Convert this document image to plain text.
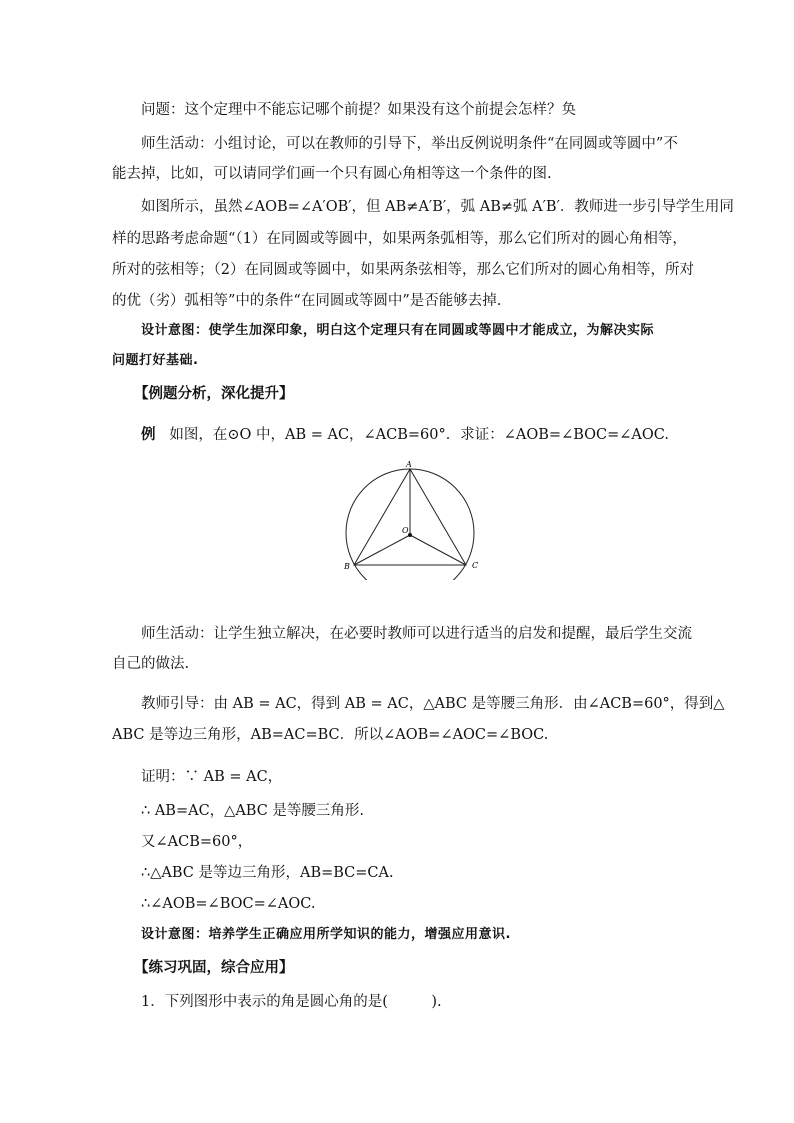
问题：这个定理中不能忘记哪个前提？如果没有这个前提会怎样？奂
师生活动：小组讨论，可以在教师的引导下，举出反例说明条件“在同圆或等圆中”不
能去掉，比如，可以请同学们画一个只有圆心角相等这一个条件的图.
如图所示，虽然∠AOB=∠A′OB′，但 AB≠A′B′，弧 AB≠弧 A′B′．教师进一步引导学生用同
样的思路考虑命题“（1）在同圆或等圆中，如果两条弧相等，那么它们所对的圆心角相等，
所对的弦相等；（2）在同圆或等圆中，如果两条弦相等，那么它们所对的圆心角相等，所对
的优（劣）弧相等”中的条件“在同圆或等圆中”是否能够去掉.
设计意图：使学生加深印象，明白这个定理只有在同圆或等圆中才能成立，为解决实际
问题打好基础.
【例题分析，深化提升】
例 如图，在⊙O 中，AB = AC，∠ACB=60°．求证：∠AOB=∠BOC=∠AOC.
A
B	C
O
师生活动：让学生独立解决，在必要时教师可以进行适当的启发和提醒，最后学生交流
自己的做法.
教师引导：由 AB = AC，得到 AB = AC，△ABC 是等腰三角形．由∠ACB=60°，得到△
ABC 是等边三角形，AB=AC=BC．所以∠AOB=∠AOC=∠BOC.
证明：∵ AB = AC，
∴ AB=AC，△ABC 是等腰三角形.
又∠ACB=60°，
∴△ABC 是等边三角形，AB=BC=CA.
∴∠AOB=∠BOC=∠AOC.
设计意图：培养学生正确应用所学知识的能力，增强应用意识.
【练习巩固，综合应用】
1．下列图形中表示的角是圆心角的是(　　　).
